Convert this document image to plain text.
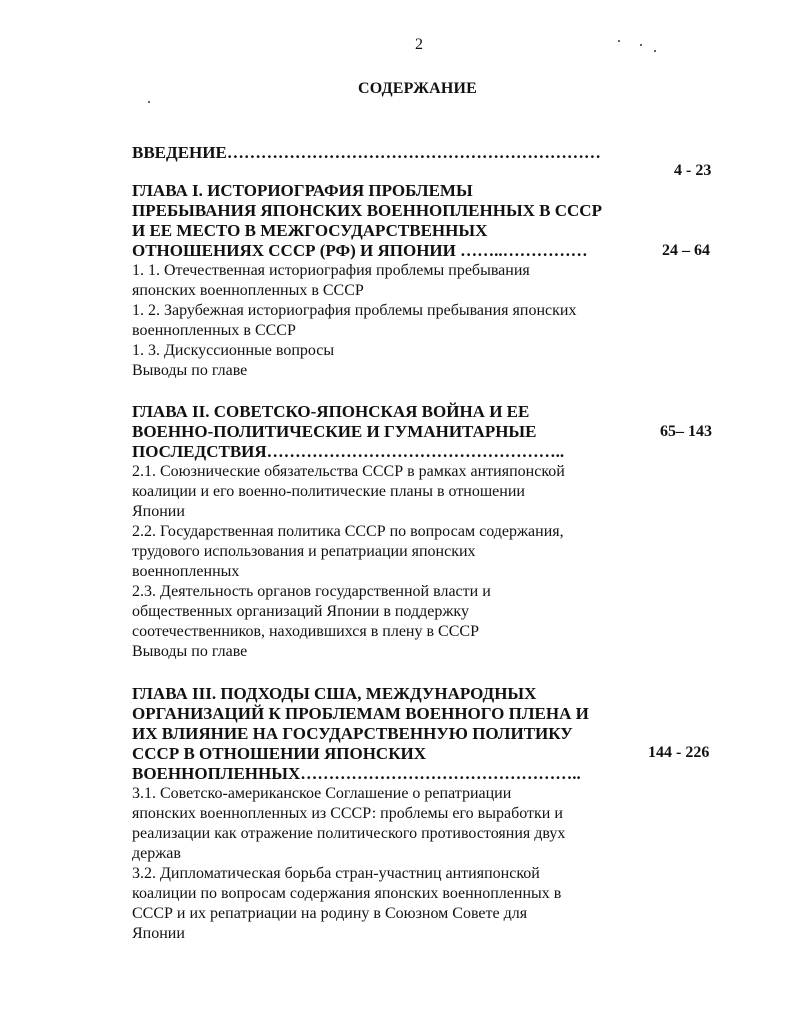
2
СОДЕРЖАНИЕ
ВВЕДЕНИЕ…………………………………………………………
4 - 23
ГЛАВА I. ИСТОРИОГРАФИЯ ПРОБЛЕМЫ
ПРЕБЫВАНИЯ ЯПОНСКИХ ВОЕННОПЛЕННЫХ В СССР
И ЕЕ МЕСТО В МЕЖГОСУДАРСТВЕННЫХ
ОТНОШЕНИЯХ СССР (РФ) И ЯПОНИИ ……..……………
1. 1. Отечественная историография проблемы пребывания
японских военнопленных в СССР
1. 2. Зарубежная историография проблемы пребывания японских
военнопленных в СССР
1. 3. Дискуссионные вопросы
Выводы по главе
24 – 64
ГЛАВА II. СОВЕТСКО-ЯПОНСКАЯ ВОЙНА И ЕЕ
ВОЕННО-ПОЛИТИЧЕСКИЕ И ГУМАНИТАРНЫЕ
ПОСЛЕДСТВИЯ……………………………………………..
2.1. Союзнические обязательства СССР в рамках антияпонской
коалиции и его военно-политические планы в отношении
Японии
2.2. Государственная политика СССР по вопросам содержания,
трудового использования и репатриации японских
военнопленных
2.3. Деятельность органов государственной власти и
общественных организаций Японии в поддержку
соотечественников, находившихся в плену в СССР
Выводы по главе
65– 143
ГЛАВА III. ПОДХОДЫ США, МЕЖДУНАРОДНЫХ
ОРГАНИЗАЦИЙ К ПРОБЛЕМАМ ВОЕННОГО ПЛЕНА И
ИХ ВЛИЯНИЕ НА ГОСУДАРСТВЕННУЮ ПОЛИТИКУ
СССР В ОТНОШЕНИИ ЯПОНСКИХ
ВОЕННОПЛЕННЫХ…………………………………………..
3.1. Советско-американское Соглашение о репатриации
японских военнопленных из СССР: проблемы его выработки и
реализации как отражение политического противостояния двух
держав
3.2. Дипломатическая борьба стран-участниц антияпонской
коалиции по вопросам содержания японских военнопленных в
СССР и их репатриации на родину в Союзном Совете для
Японии
144 - 226
